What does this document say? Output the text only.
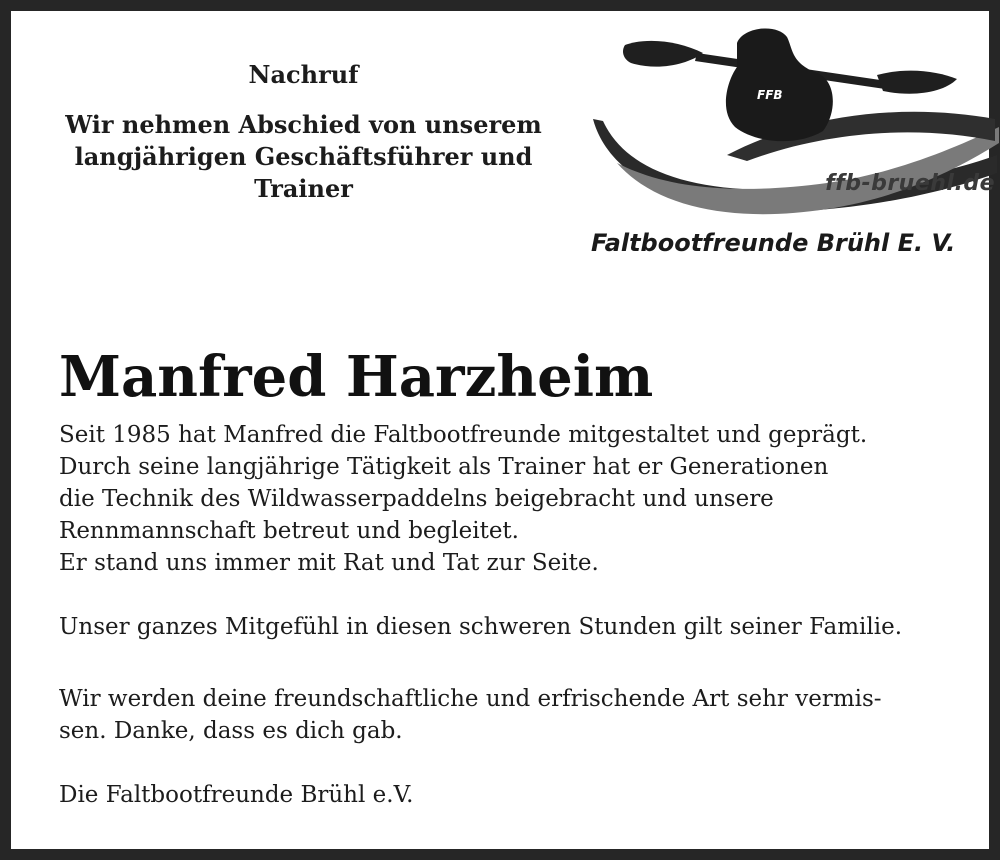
Nachruf
Wir nehmen Abschied von unserem
langjährigen Geschäftsführer und
Trainer
FFB
ffb-bruehl.de
Faltbootfreunde Brühl E. V.
Manfred Harzheim

Seit 1985 hat Manfred die Faltbootfreunde mitgestaltet und geprägt.
Durch seine langjährige Tätigkeit als Trainer hat er Generationen
die Technik des Wildwasserpaddelns beigebracht und unsere
Rennmannschaft betreut und begleitet.
Er stand uns immer mit Rat und Tat zur Seite.

Unser ganzes Mitgefühl in diesen schweren Stunden gilt seiner Familie.

Wir werden deine freundschaftliche und erfrischende Art sehr vermis-
sen. Danke, dass es dich gab.

Die Faltbootfreunde Brühl e.V.
